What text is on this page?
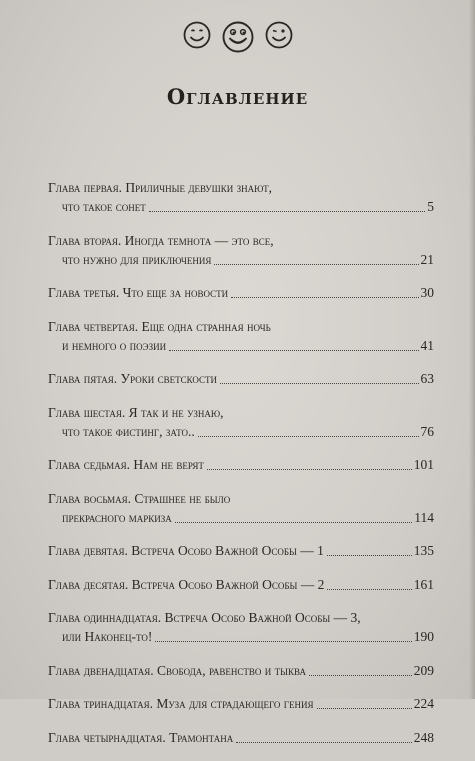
Оглавление
Глава первая. Приличные девушки знают,
что такое сонет	5
Глава вторая. Иногда темнота — это все,
что нужно для приключения	21
Глава третья. Что еще за новости	30
Глава четвертая. Еще одна странная ночь
и немного о поэзии	41
Глава пятая. Уроки светскости	63
Глава шестая. Я так и не узнаю,
что такое фистинг, зато..	76
Глава седьмая. Нам не верят	101
Глава восьмая. Страшнее не было
прекрасного маркиза	114
Глава девятая. Встреча Особо Важной Особы — 1	135
Глава десятая. Встреча Особо Важной Особы — 2	161
Глава одиннадцатая. Встреча Особо Важной Особы — 3,
или Наконец-то!	190
Глава двенадцатая. Свобода, равенство и тыква	209
Глава тринадцатая. Муза для страдающего гения	224
Глава четырнадцатая. Трамонтана	248
